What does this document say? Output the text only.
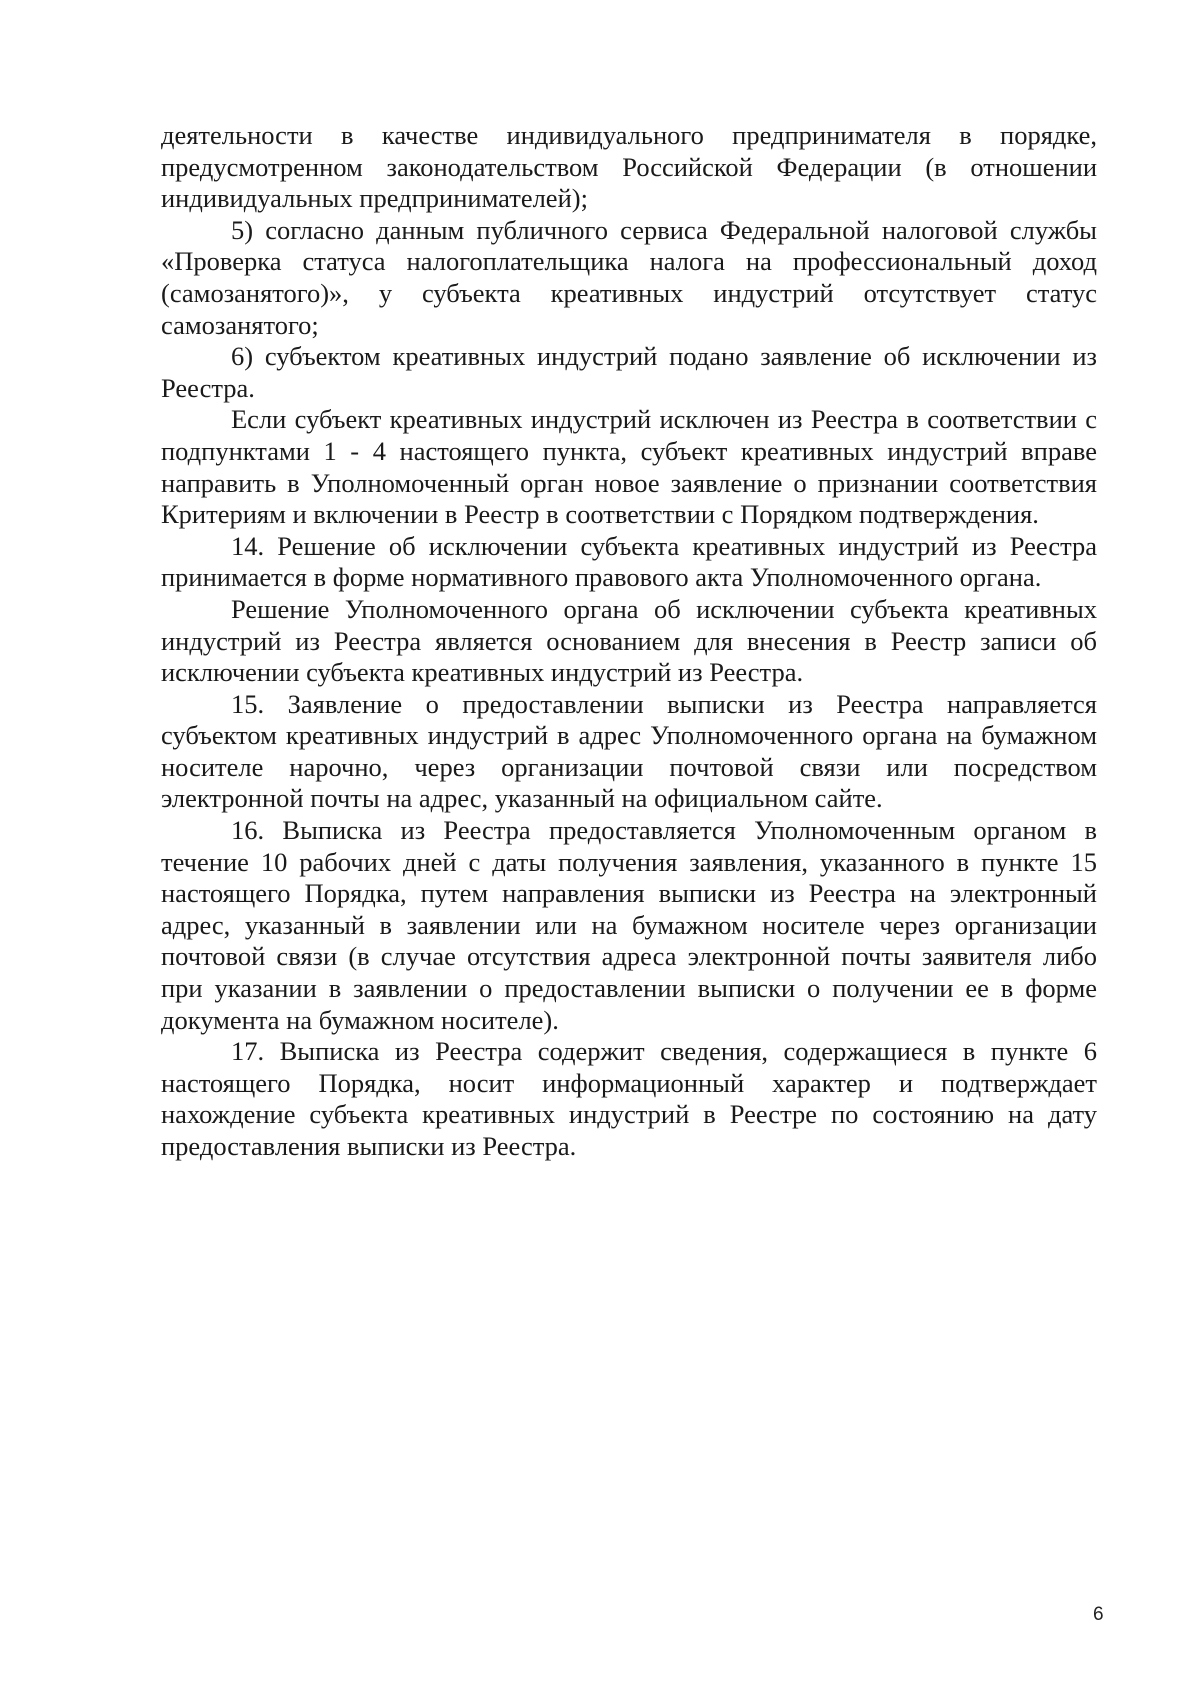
деятельности в качестве индивидуального предпринимателя в порядке, предусмотренном законодательством Российской Федерации (в отношении индивидуальных предпринимателей);

5) согласно данным публичного сервиса Федеральной налоговой службы «Проверка статуса налогоплательщика налога на профессиональный доход (самозанятого)», у субъекта креативных индустрий отсутствует статус самозанятого;

6) субъектом креативных индустрий подано заявление об исключении из Реестра.

Если субъект креативных индустрий исключен из Реестра в соответствии с подпунктами 1 - 4 настоящего пункта, субъект креативных индустрий вправе направить в Уполномоченный орган новое заявление о признании соответствия Критериям и включении в Реестр в соответствии с Порядком подтверждения.

14. Решение об исключении субъекта креативных индустрий из Реестра принимается в форме нормативного правового акта Уполномоченного органа.

Решение Уполномоченного органа об исключении субъекта креативных индустрий из Реестра является основанием для внесения в Реестр записи об исключении субъекта креативных индустрий из Реестра.

15. Заявление о предоставлении выписки из Реестра направляется субъектом креативных индустрий в адрес Уполномоченного органа на бумажном носителе нарочно, через организации почтовой связи или посредством электронной почты на адрес, указанный на официальном сайте.

16. Выписка из Реестра предоставляется Уполномоченным органом в течение 10 рабочих дней с даты получения заявления, указанного в пункте 15 настоящего Порядка, путем направления выписки из Реестра на электронный адрес, указанный в заявлении или на бумажном носителе через организации почтовой связи (в случае отсутствия адреса электронной почты заявителя либо при указании в заявлении о предоставлении выписки о получении ее в форме документа на бумажном носителе).

17. Выписка из Реестра содержит сведения, содержащиеся в пункте 6 настоящего Порядка, носит информационный характер и подтверждает нахождение субъекта креативных индустрий в Реестре по состоянию на дату предоставления выписки из Реестра.

6
